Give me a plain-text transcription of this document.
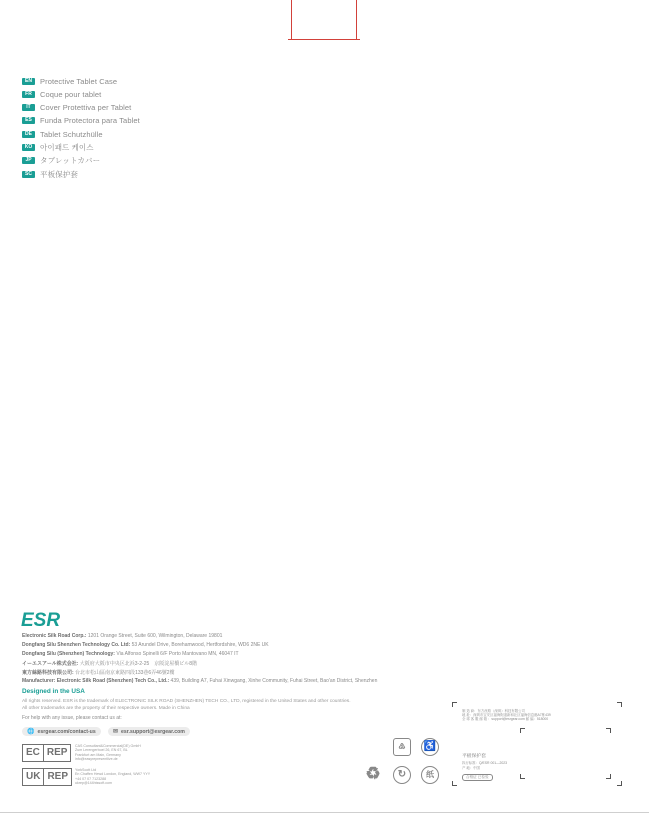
EN	Protective Tablet Case
FR	Coque pour tablet
IT	Cover Protettiva per Tablet
ES	Funda Protectora para Tablet
DE	Tablet Schutzhülle
KO	아이패드 케이스
JP	タブレットカバー
SC	平板保护套
ESR
Electronic Silk Road Corp.: 1201 Orange Street, Suite 600, Wilmington, Delaware 19801
Dongfang Silu Shenzhen Technology Co. Ltd: 53 Arundel Drive, Borehamwood, Hertfordshire, WD6 2NE UK
Dongfang Silu (Shenzhen) Technology: Via Alfonso Spinelli 6/F Porto Mantovano MN, 46047 IT
イーエスアール株式会社: 大阪府大阪市中央区北浜3-2-25　京阪淀屋橋ビル8階
東方絲路科技有限公司: 台北市松山區南京東路四段133巷6弄46號2樓
Manufacturer: Electronic Silk Road (Shenzhen) Tech Co., Ltd.: 439, Building A7, Fuhai Xinwgang, Xinhe Community, Fuhai Street, Bao'an District, Shenzhen
Designed in the USA
All rights reserved. ESR is the trademark of ELECTRONIC SILK ROAD (SHENZHEN) TECH CO., LTD, registered in the United States and other countries. All other trademarks are the property of their respective owners. Made in China
For help with any issue, please contact us at:
🌐 esrgear.com/contact-us	✉ esr.support@esrgear.com
EC REP
CAS Consultant&Commercial(DE) GmbH
Zum Lerengerboel 26, EN 67, BL
Frankfurt am Main, Germany
info@easyrepresentlive.de
UK REP
YorkScott Ltd
En Chaffen Hewd London, England, WW7 YYY
+44 07 07 7123288
ukrep@144htssoft.com
♳	♿
♻	↻	纸
制 造 商：东方丝路（深圳）科技有限公司
地 址：深圳市宝安区福海街道新和社区福海信息港A7栋439
全 球 客 服 邮 箱 ：support@esrgear.com 邮 编：518000
平板保护套
执行标准：Q/ESR 001—2023
产 地：中国
合格证 已检验
